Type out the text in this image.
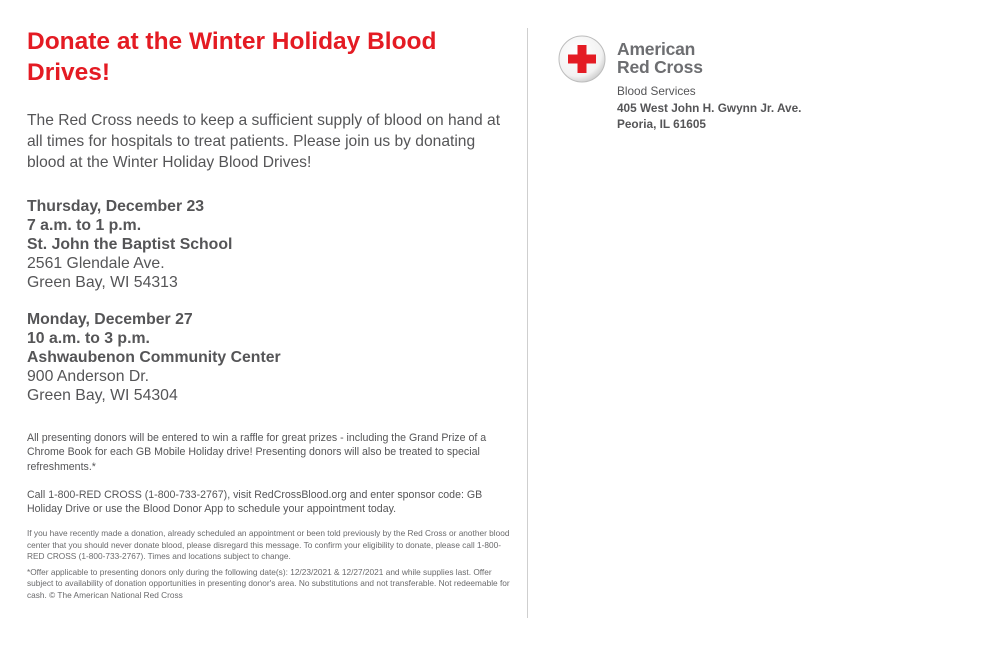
Donate at the Winter Holiday Blood Drives!
The Red Cross needs to keep a sufficient supply of blood on hand at all times for hospitals to treat patients. Please join us by donating blood at the Winter Holiday Blood Drives!
Thursday, December 23
7 a.m. to 1 p.m.
St. John the Baptist School
2561 Glendale Ave.
Green Bay, WI 54313
Monday, December 27
10 a.m. to 3 p.m.
Ashwaubenon Community Center
900 Anderson Dr.
Green Bay, WI 54304
All presenting donors will be entered to win a raffle for great prizes - including the Grand Prize of a Chrome Book for each GB Mobile Holiday drive! Presenting donors will also be treated to special refreshments.*
Call 1-800-RED CROSS (1-800-733-2767), visit RedCrossBlood.org and enter sponsor code: GB Holiday Drive or use the Blood Donor App to schedule your appointment today.
If you have recently made a donation, already scheduled an appointment or been told previously by the Red Cross or another blood center that you should never donate blood, please disregard this message. To confirm your eligibility to donate, please call 1-800-RED CROSS (1-800-733-2767). Times and locations subject to change.
*Offer applicable to presenting donors only during the following date(s): 12/23/2021 & 12/27/2021 and while supplies last. Offer subject to availability of donation opportunities in presenting donor's area. No substitutions and not transferable. Not redeemable for cash. © The American National Red Cross
American
Red Cross
Blood Services
405 West John H. Gwynn Jr. Ave.
Peoria, IL 61605
